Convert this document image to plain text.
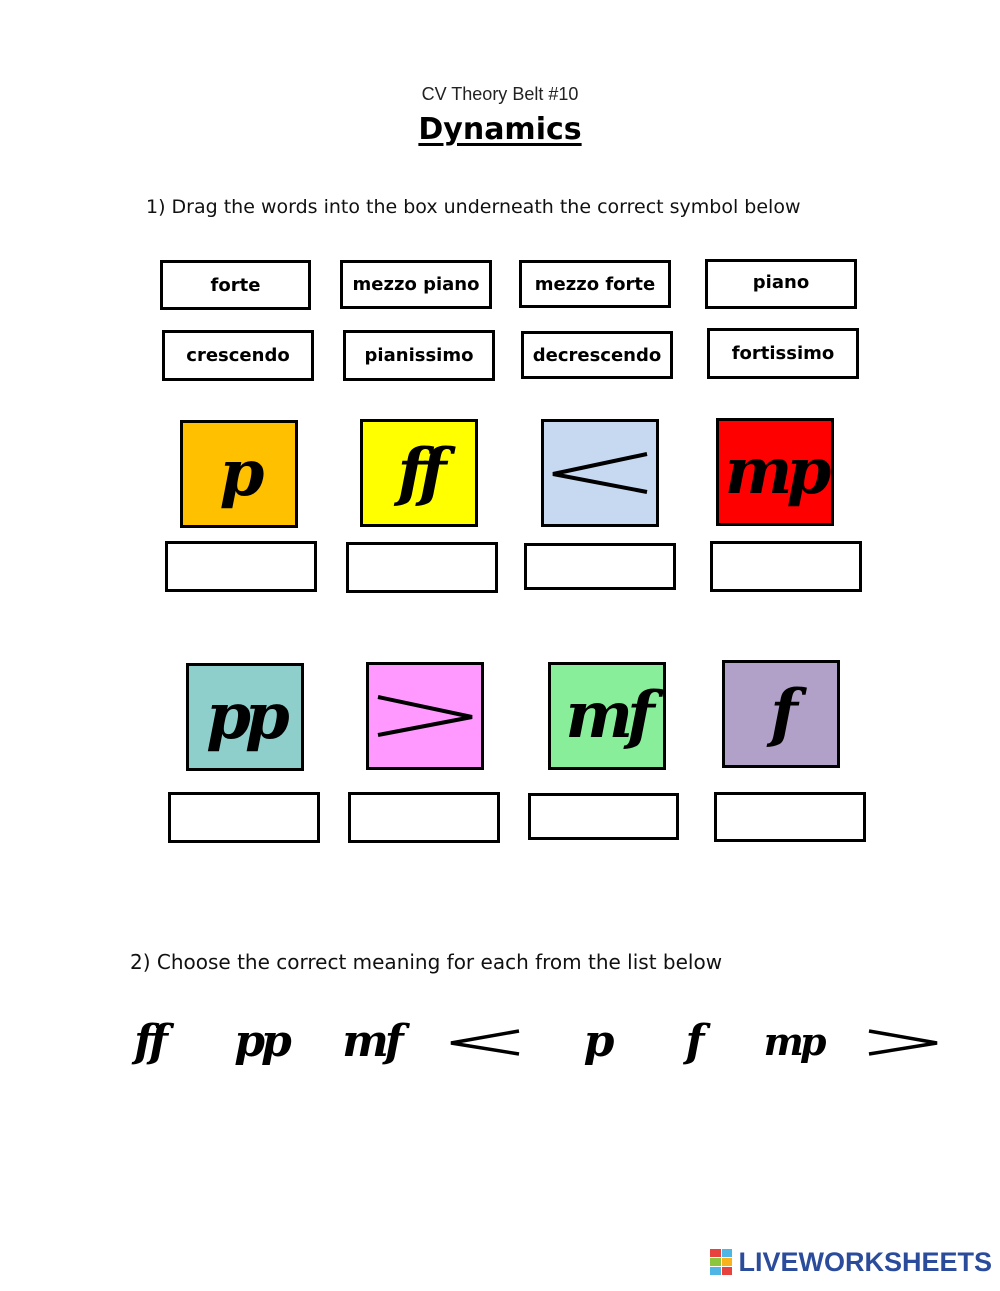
CV Theory Belt #10
Dynamics
1) Drag the words into the box underneath the correct symbol below
forte	mezzo piano	mezzo forte	piano
crescendo	pianissimo	decrescendo	fortissimo
p ff	mp
pp	mf f
2) Choose the correct meaning for each from the list below
ff	pp	mf	p	f	mp
LIVEWORKSHEETS
